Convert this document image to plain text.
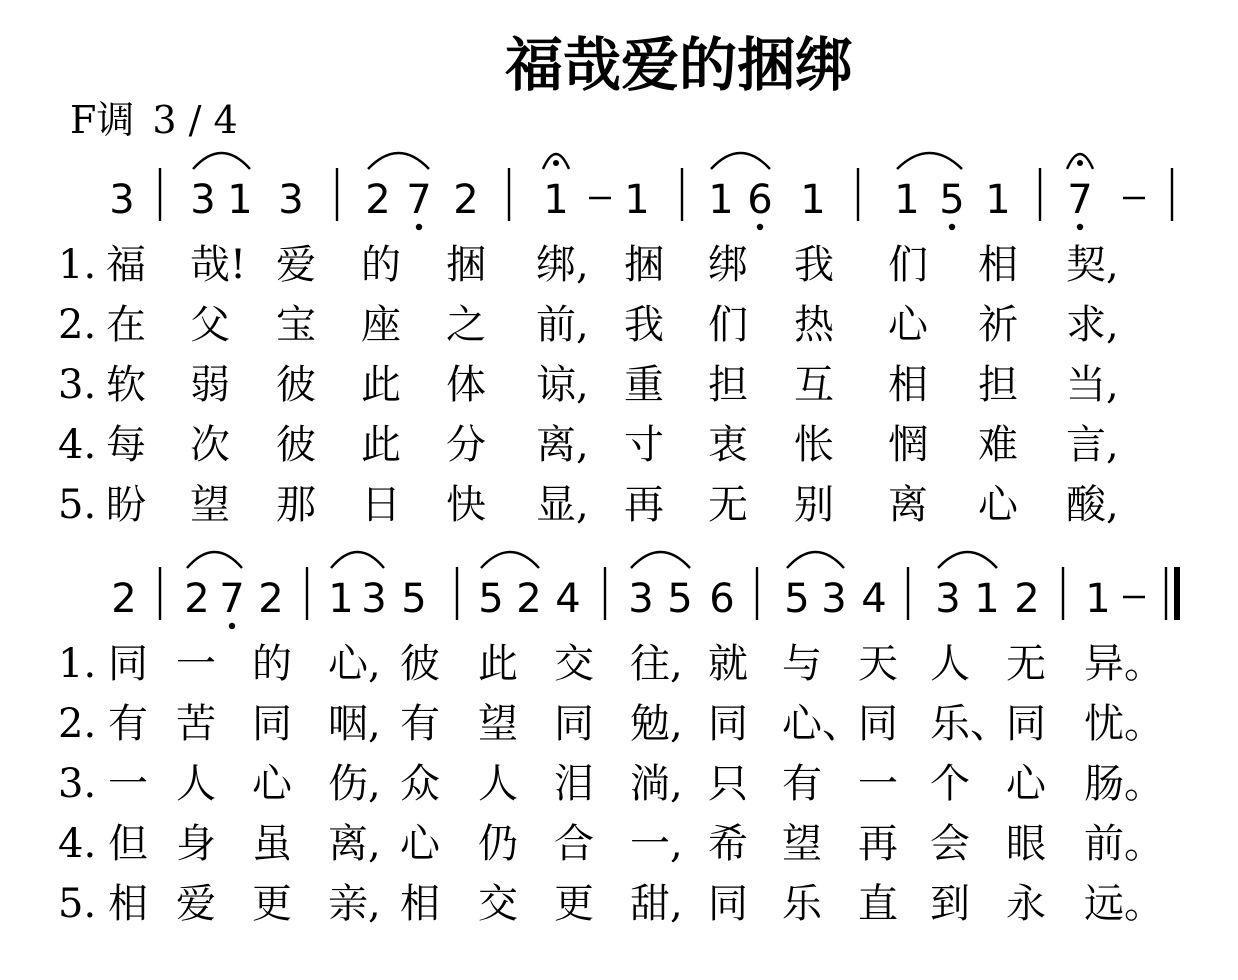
福哉爱的捆绑
F调 3 / 4
3 3 1 3 2 7 2 1 1 1 6 1 1 5 1 7
2 2 7 2 1 3 5 5 2 4 3 5 6 5 3 4 3 1 2 1
1. 福 哉! 爱 的 捆 绑, 捆 绑 我 们 相 契,
2. 在 父 宝 座 之 前, 我 们 热 心 祈 求,
3. 软 弱 彼 此 体 谅, 重 担 互 相 担 当,
4. 每 次 彼 此 分 离, 寸 衷 怅 惘 难 言,
5. 盼 望 那 日 快 显, 再 无 别 离 心 酸,
1. 同 一 的 心, 彼 此 交 往, 就 与 天 人 无 异。
2. 有 苦 同 咽, 有 望 同 勉, 同 心、
同 乐、
同 忧。
3. 一 人 心 伤, 众 人 泪 淌, 只 有 一 个 心 肠。
4. 但 身 虽 离, 心 仍 合 一, 希 望 再 会 眼 前。
5. 相 爱 更 亲, 相 交 更 甜, 同 乐 直 到 永 远。
